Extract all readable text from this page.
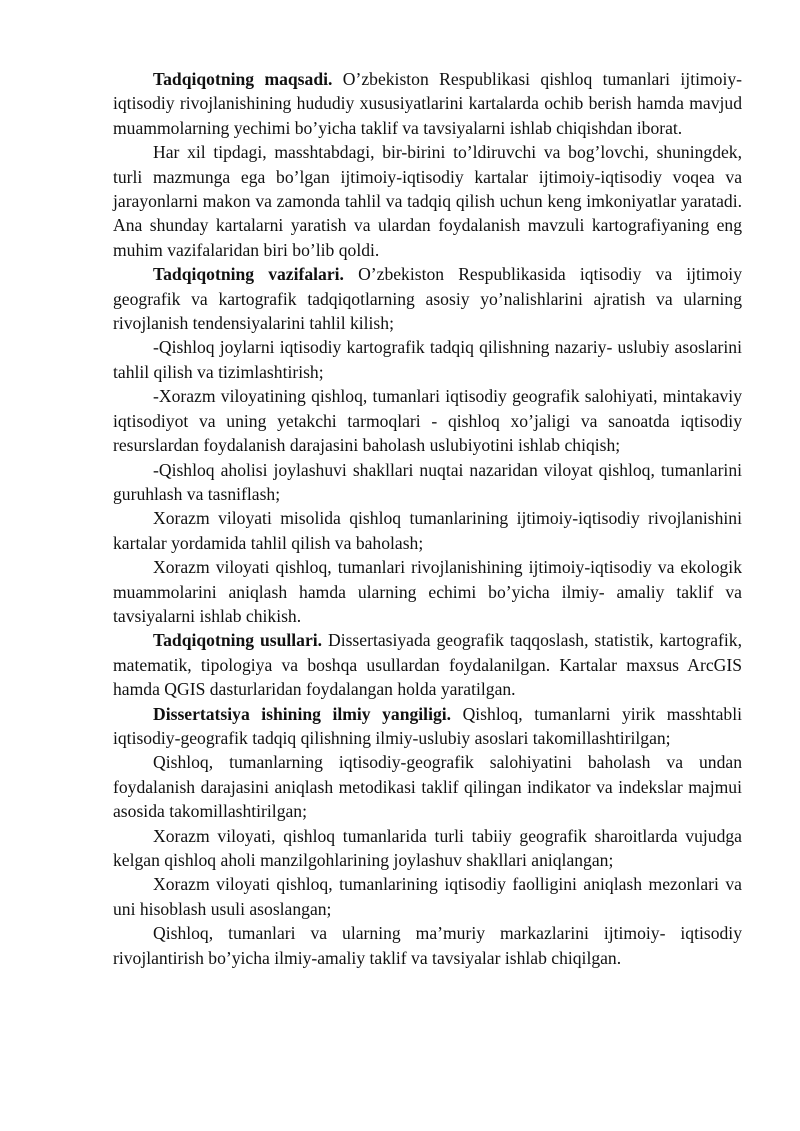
Tadqiqotning maqsadi. O’zbekiston Respublikasi qishloq tumanlari ijtimoiy-iqtisodiy rivojlanishining hududiy xususiyatlarini kartalarda ochib berish hamda mavjud muammolarning yechimi bo’yicha taklif va tavsiyalarni ishlab chiqishdan iborat.

Har xil tipdagi, masshtabdagi, bir-birini to’ldiruvchi va bog’lovchi, shuningdek, turli mazmunga ega bo’lgan ijtimoiy-iqtisodiy kartalar ijtimoiy-iqtisodiy voqea va jarayonlarni makon va zamonda tahlil va tadqiq qilish uchun keng imkoniyatlar yaratadi. Ana shunday kartalarni yaratish va ulardan foydalanish mavzuli kartografiyaning eng muhim vazifalaridan biri bo’lib qoldi.

Tadqiqotning vazifalari. O’zbekiston Respublikasida iqtisodiy va ijtimoiy geografik va kartografik tadqiqotlarning asosiy yo’nalishlarini ajratish va ularning rivojlanish tendensiyalarini tahlil kilish;

-Qishloq joylarni iqtisodiy kartografik tadqiq qilishning nazariy- uslubiy asoslarini tahlil qilish va tizimlashtirish;

-Xorazm viloyatining qishloq, tumanlari iqtisodiy geografik salohiyati, mintakaviy iqtisodiyot va uning yetakchi tarmoqlari - qishloq xo’jaligi va sanoatda iqtisodiy resurslardan foydalanish darajasini baholash uslubiyotini ishlab chiqish;

-Qishloq aholisi joylashuvi shakllari nuqtai nazaridan viloyat qishloq, tumanlarini guruhlash va tasniflash;

Xorazm viloyati misolida qishloq tumanlarining ijtimoiy-iqtisodiy rivojlanishini kartalar yordamida tahlil qilish va baholash;

Xorazm viloyati qishloq, tumanlari rivojlanishining ijtimoiy-iqtisodiy va ekologik muammolarini aniqlash hamda ularning echimi bo’yicha ilmiy- amaliy taklif va tavsiyalarni ishlab chikish.

Tadqiqotning usullari. Dissertasiyada geografik taqqoslash, statistik, kartografik, matematik, tipologiya va boshqa usullardan foydalanilgan. Kartalar maxsus ArcGIS hamda QGIS dasturlaridan foydalangan holda yaratilgan.

Dissertatsiya ishining ilmiy yangiligi. Qishloq, tumanlarni yirik masshtabli iqtisodiy-geografik tadqiq qilishning ilmiy-uslubiy asoslari takomillashtirilgan;

Qishloq, tumanlarning iqtisodiy-geografik salohiyatini baholash va undan foydalanish darajasini aniqlash metodikasi taklif qilingan indikator va indekslar majmui asosida takomillashtirilgan;

Xorazm viloyati, qishloq tumanlarida turli tabiiy geografik sharoitlarda vujudga kelgan qishloq aholi manzilgohlarining joylashuv shakllari aniqlangan;

Xorazm viloyati qishloq, tumanlarining iqtisodiy faolligini aniqlash mezonlari va uni hisoblash usuli asoslangan;

Qishloq, tumanlari va ularning ma’muriy markazlarini ijtimoiy- iqtisodiy rivojlantirish bo’yicha ilmiy-amaliy taklif va tavsiyalar ishlab chiqilgan.
